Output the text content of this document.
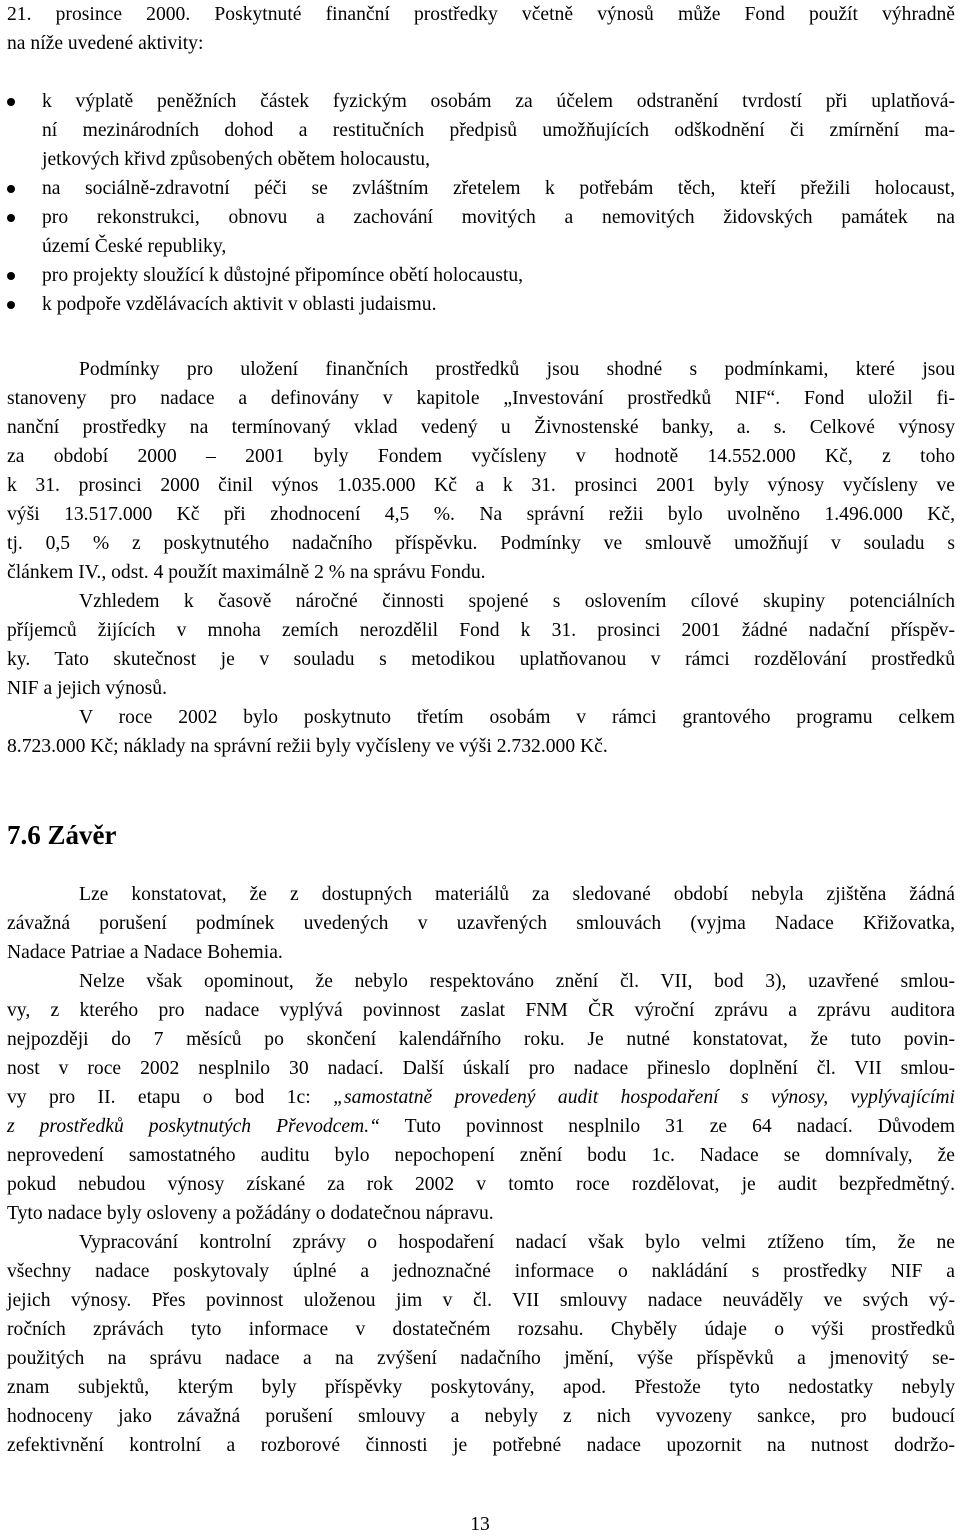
21. prosince 2000. Poskytnuté finanční prostředky včetně výnosů může Fond použít výhradně
na níže uvedené aktivity:
k výplatě peněžních částek fyzickým osobám za účelem odstranění tvrdostí při uplatňová-
ní mezinárodních dohod a restitučních předpisů umožňujících odškodnění či zmírnění ma-
jetkových křivd způsobených obětem holocaustu,
na sociálně-zdravotní péči se zvláštním zřetelem k potřebám těch, kteří přežili holocaust,
pro rekonstrukci, obnovu a zachování movitých a nemovitých židovských památek na
území České republiky,
pro projekty sloužící k důstojné připomínce obětí holocaustu,
k podpoře vzdělávacích aktivit v oblasti judaismu.
Podmínky pro uložení finančních prostředků jsou shodné s podmínkami, které jsou
stanoveny pro nadace a definovány v kapitole „Investování prostředků NIF“. Fond uložil fi-
nanční prostředky na termínovaný vklad vedený u Živnostenské banky, a. s. Celkové výnosy
za období 2000 – 2001 byly Fondem vyčísleny v hodnotě 14.552.000 Kč, z toho
k 31. prosinci 2000 činil výnos 1.035.000 Kč a k 31. prosinci 2001 byly výnosy vyčísleny ve
výši 13.517.000 Kč při zhodnocení 4,5 %. Na správní režii bylo uvolněno 1.496.000 Kč,
tj. 0,5 % z poskytnutého nadačního příspěvku. Podmínky ve smlouvě umožňují v souladu s
článkem IV., odst. 4 použít maximálně 2 % na správu Fondu.
Vzhledem k časově náročné činnosti spojené s oslovením cílové skupiny potenciálních
příjemců žijících v mnoha zemích nerozdělil Fond k 31. prosinci 2001 žádné nadační příspěv-
ky. Tato skutečnost je v souladu s metodikou uplatňovanou v rámci rozdělování prostředků
NIF a jejich výnosů.
V roce 2002 bylo poskytnuto třetím osobám v rámci grantového programu celkem
8.723.000 Kč; náklady na správní režii byly vyčísleny ve výši 2.732.000 Kč.
7.6 Závěr
Lze konstatovat, že z dostupných materiálů za sledované období nebyla zjištěna žádná
závažná porušení podmínek uvedených v uzavřených smlouvách (vyjma Nadace Křižovatka,
Nadace Patriae a Nadace Bohemia.
Nelze však opominout, že nebylo respektováno znění čl. VII, bod 3), uzavřené smlou-
vy, z kterého pro nadace vyplývá povinnost zaslat FNM ČR výroční zprávu a zprávu auditora
nejpozději do 7 měsíců po skončení kalendářního roku. Je nutné konstatovat, že tuto povin-
nost v roce 2002 nesplnilo 30 nadací. Další úskalí pro nadace přineslo doplnění čl. VII smlou-
vy pro II. etapu o bod 1c: „samostatně provedený audit hospodaření s výnosy, vyplývajícími
z prostředků poskytnutých Převodcem.“ Tuto povinnost nesplnilo 31 ze 64 nadací. Důvodem
neprovedení samostatného auditu bylo nepochopení znění bodu 1c. Nadace se domnívaly, že
pokud nebudou výnosy získané za rok 2002 v tomto roce rozdělovat, je audit bezpředmětný.
Tyto nadace byly osloveny a požádány o dodatečnou nápravu.
Vypracování kontrolní zprávy o hospodaření nadací však bylo velmi ztíženo tím, že ne
všechny nadace poskytovaly úplné a jednoznačné informace o nakládání s prostředky NIF a
jejich výnosy. Přes povinnost uloženou jim v čl. VII smlouvy nadace neuváděly ve svých vý-
ročních zprávách tyto informace v dostatečném rozsahu. Chyběly údaje o výši prostředků
použitých na správu nadace a na zvýšení nadačního jmění, výše příspěvků a jmenovitý se-
znam subjektů, kterým byly příspěvky poskytovány, apod. Přestože tyto nedostatky nebyly
hodnoceny jako závažná porušení smlouvy a nebyly z nich vyvozeny sankce, pro budoucí
zefektivnění kontrolní a rozborové činnosti je potřebné nadace upozornit na nutnost dodržo-
13
